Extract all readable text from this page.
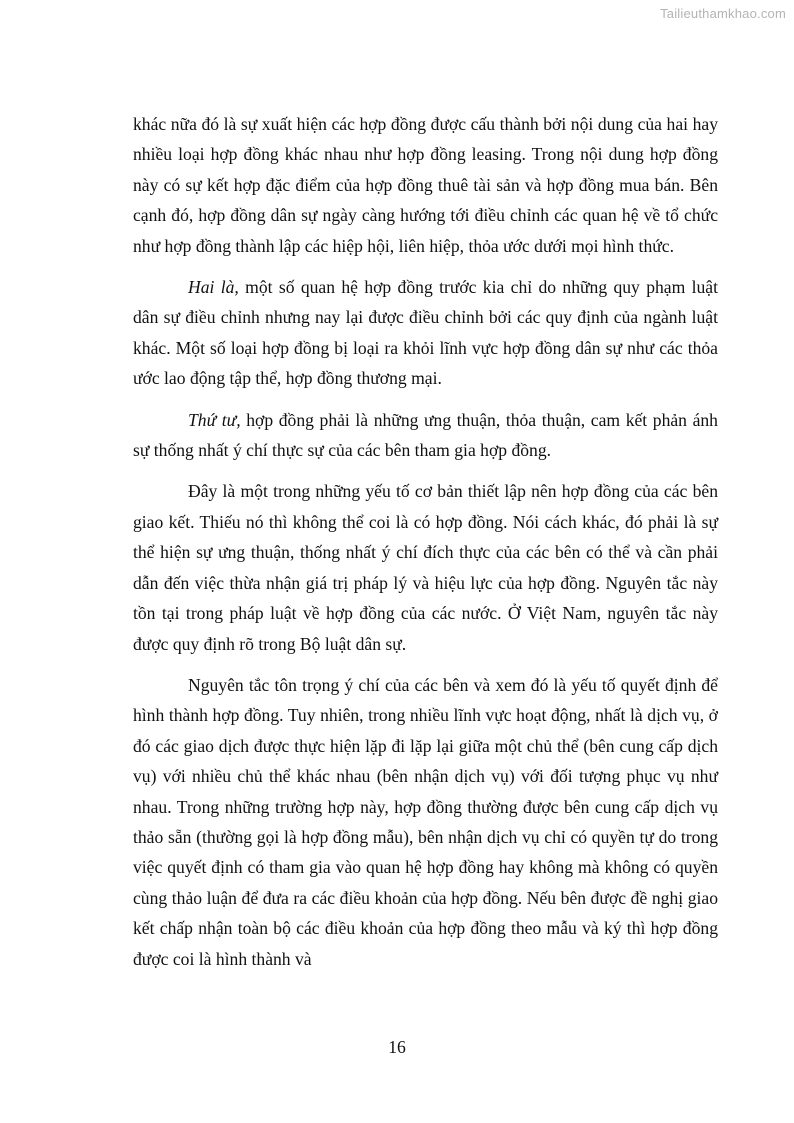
Tailieuthamkhao.com

khác nữa đó là sự xuất hiện các hợp đồng được cấu thành bởi nội dung của hai hay nhiều loại hợp đồng khác nhau như hợp đồng leasing. Trong nội dung hợp đồng này có sự kết hợp đặc điểm của hợp đồng thuê tài sản và hợp đồng mua bán. Bên cạnh đó, hợp đồng dân sự ngày càng hướng tới điều chỉnh các quan hệ về tổ chức như hợp đồng thành lập các hiệp hội, liên hiệp, thỏa ước dưới mọi hình thức.

Hai là, một số quan hệ hợp đồng trước kia chỉ do những quy phạm luật dân sự điều chỉnh nhưng nay lại được điều chỉnh bởi các quy định của ngành luật khác. Một số loại hợp đồng bị loại ra khỏi lĩnh vực hợp đồng dân sự như các thỏa ước lao động tập thể, hợp đồng thương mại.

Thứ tư, hợp đồng phải là những ưng thuận, thỏa thuận, cam kết phản ánh sự thống nhất ý chí thực sự của các bên tham gia hợp đồng.

Đây là một trong những yếu tố cơ bản thiết lập nên hợp đồng của các bên giao kết. Thiếu nó thì không thể coi là có hợp đồng. Nói cách khác, đó phải là sự thể hiện sự ưng thuận, thống nhất ý chí đích thực của các bên có thể và cần phải dẫn đến việc thừa nhận giá trị pháp lý và hiệu lực của hợp đồng. Nguyên tắc này tồn tại trong pháp luật về hợp đồng của các nước. Ở Việt Nam, nguyên tắc này được quy định rõ trong Bộ luật dân sự.

Nguyên tắc tôn trọng ý chí của các bên và xem đó là yếu tố quyết định để hình thành hợp đồng. Tuy nhiên, trong nhiều lĩnh vực hoạt động, nhất là dịch vụ, ở đó các giao dịch được thực hiện lặp đi lặp lại giữa một chủ thể (bên cung cấp dịch vụ) với nhiều chủ thể khác nhau (bên nhận dịch vụ) với đối tượng phục vụ như nhau. Trong những trường hợp này, hợp đồng thường được bên cung cấp dịch vụ thảo sẵn (thường gọi là hợp đồng mẫu), bên nhận dịch vụ chỉ có quyền tự do trong việc quyết định có tham gia vào quan hệ hợp đồng hay không mà không có quyền cùng thảo luận để đưa ra các điều khoản của hợp đồng. Nếu bên được đề nghị giao kết chấp nhận toàn bộ các điều khoản của hợp đồng theo mẫu và ký thì hợp đồng được coi là hình thành và

16
